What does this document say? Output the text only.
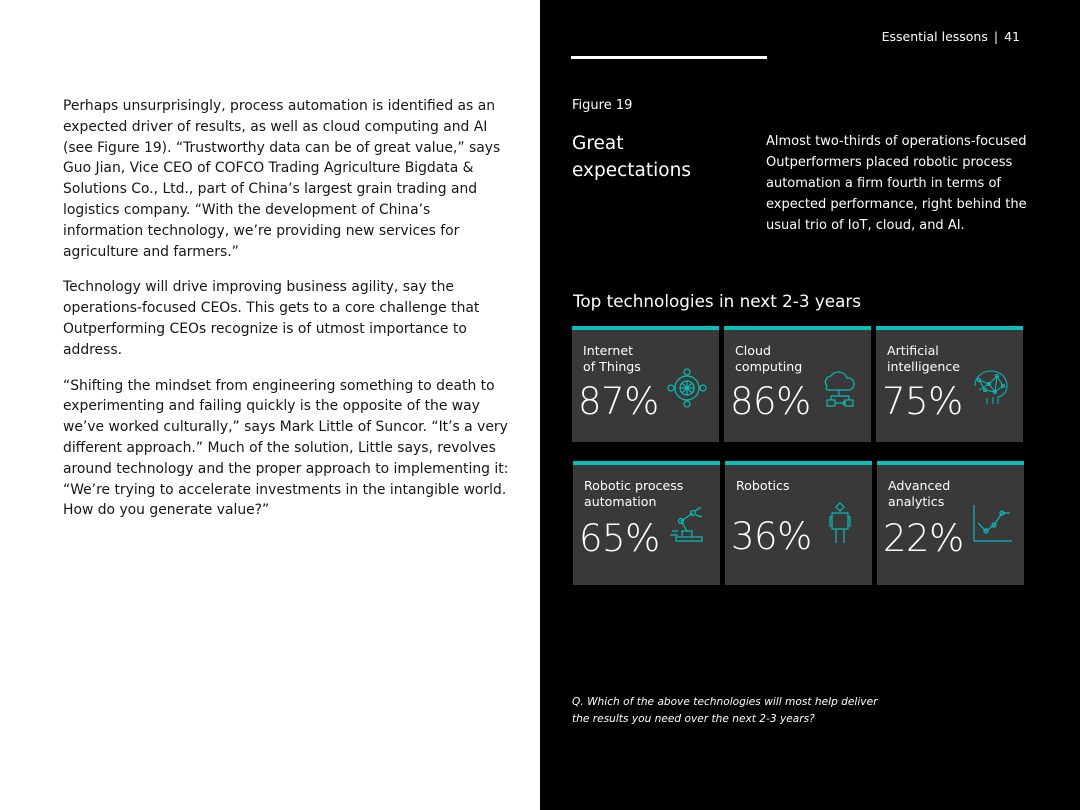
Perhaps unsurprisingly, process automation is identified as an expected driver of results, as well as cloud computing and AI (see Figure 19). “Trustworthy data can be of great value,” says Guo Jian, Vice CEO of COFCO Trading Agriculture Bigdata & Solutions Co., Ltd., part of China’s largest grain trading and logistics company. “With the development of China’s information technology, we’re providing new services for agriculture and farmers.”

Technology will drive improving business agility, say the operations-focused CEOs. This gets to a core challenge that Outperforming CEOs recognize is of utmost importance to address.

“Shifting the mindset from engineering something to death to experimenting and failing quickly is the opposite of the way we’ve worked culturally,” says Mark Little of Suncor. “It’s a very different approach.” Much of the solution, Little says, revolves around technology and the proper approach to implementing it: “We’re trying to accelerate investments in the intangible world. How do you generate value?”

Essential lessons | 41
Figure 19
Great expectations
Almost two-thirds of operations-focused Outperformers placed robotic process automation a firm fourth in terms of expected performance, right behind the usual trio of IoT, cloud, and AI.
Top technologies in next 2-3 years
Internet
of Things
87%
Cloud
computing
86%
Artificial
intelligence
75%
Robotic process
automation
65%
Robotics
36%
Advanced
analytics
22%
Q. Which of the above technologies will most help deliver the results you need over the next 2-3 years?
